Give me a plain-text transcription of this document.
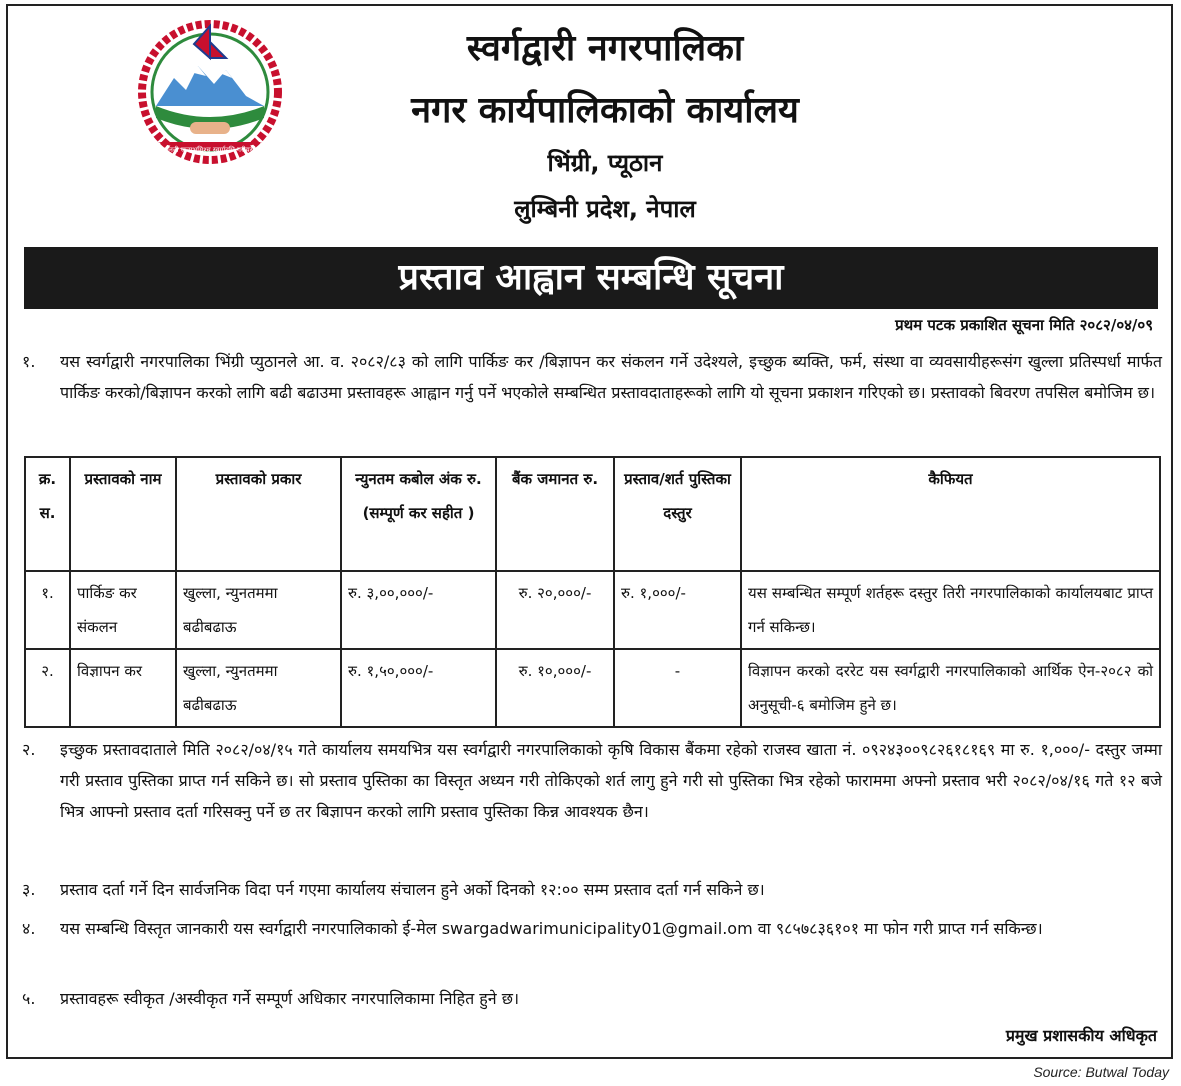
जननी जन्मभूमिश्च स्वर्गादपि गरीयसी
स्वर्गद्वारी नगरपालिका
नगर कार्यपालिकाको कार्यालय
भिंग्री, प्यूठान
लुम्बिनी प्रदेश, नेपाल
प्रस्ताव आह्वान सम्बन्धि सूचना
प्रथम पटक प्रकाशित सूचना मिति २०८२/०४/०९
१.	यस स्वर्गद्वारी नगरपालिका भिंग्री प्युठानले आ. व. २०८२/८३ को लागि पार्किङ कर /बिज्ञापन कर संकलन गर्ने उदेश्यले, इच्छुक ब्यक्ति, फर्म, संस्था वा व्यवसायीहरूसंग खुल्ला प्रतिस्पर्धा मार्फत पार्किङ करको/बिज्ञापन करको लागि बढी बढाउमा प्रस्तावहरू आह्वान गर्नु पर्ने भएकोले सम्बन्धित प्रस्तावदाताहरूको लागि यो सूचना प्रकाशन गरिएको छ। प्रस्तावको बिवरण तपसिल बमोजिम छ।
क्र. स.	प्रस्तावको नाम	प्रस्तावको प्रकार	न्युनतम कबोल अंक रु. (सम्पूर्ण कर सहीत )	बैंक जमानत रु.	प्रस्ताव/शर्त पुस्तिका दस्तुर	कैफियत
१.	पार्किङ कर संकलन	खुल्ला, न्युनतममा बढीबढाऊ	रु. ३,००,०००/-	रु. २०,०००/-	रु. १,०००/-	यस सम्बन्धित सम्पूर्ण शर्तहरू दस्तुर तिरी नगरपालिकाको कार्यालयबाट प्राप्त गर्न सकिन्छ।
२.	विज्ञापन कर	खुल्ला, न्युनतममा बढीबढाऊ	रु. १,५०,०००/-	रु. १०,०००/-	-	विज्ञापन करको दररेट यस स्वर्गद्वारी नगरपालिकाको आर्थिक ऐन-२०८२ को अनुसूची-६ बमोजिम हुने छ।
२.	इच्छुक प्रस्तावदाताले मिति २०८२/०४/१५ गते कार्यालय समयभित्र यस स्वर्गद्वारी नगरपालिकाको कृषि विकास बैंकमा रहेको राजस्व खाता नं. ०९२४३००९८२६१८१६९ मा रु. १,०००/- दस्तुर जम्मा गरी प्रस्ताव पुस्तिका प्राप्त गर्न सकिने छ। सो प्रस्ताव पुस्तिका का विस्तृत अध्यन गरी तोकिएको शर्त लागु हुने गरी सो पुस्तिका भित्र रहेको फाराममा अफ्नो प्रस्ताव भरी २०८२/०४/१६ गते १२ बजे भित्र आफ्नो प्रस्ताव दर्ता गरिसक्नु पर्ने छ तर बिज्ञापन करको लागि प्रस्ताव पुस्तिका किन्न आवश्यक छैन।
३.	प्रस्ताव दर्ता गर्ने दिन सार्वजनिक विदा पर्न गएमा कार्यालय संचालन हुने अर्को दिनको १२:०० सम्म प्रस्ताव दर्ता गर्न सकिने छ।
४.	यस सम्बन्धि विस्तृत जानकारी यस स्वर्गद्वारी नगरपालिकाको ई-मेल swargadwarimunicipality01@gmail.om वा ९८५७८३६१०१ मा फोन गरी प्राप्त गर्न सकिन्छ।
५.	प्रस्तावहरू स्वीकृत /अस्वीकृत गर्ने सम्पूर्ण अधिकार नगरपालिकामा निहित हुने छ।
प्रमुख प्रशासकीय अधिकृत
Source: Butwal Today
